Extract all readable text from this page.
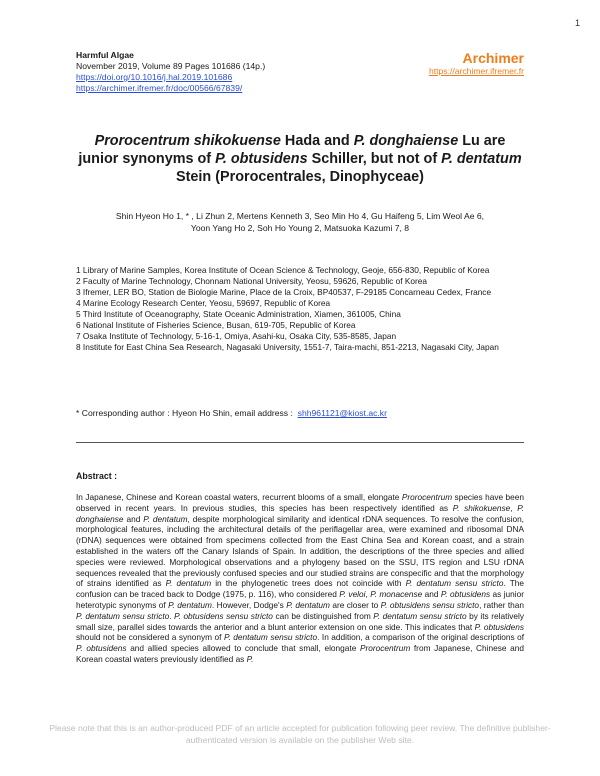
1
Harmful Algae
November 2019, Volume 89 Pages 101686 (14p.)
https://doi.org/10.1016/j.hal.2019.101686
https://archimer.ifremer.fr/doc/00566/67839/
Archimer
https://archimer.ifremer.fr
Prorocentrum shikokuense Hada and P. donghaiense Lu are junior synonyms of P. obtusidens Schiller, but not of P. dentatum Stein (Prorocentrales, Dinophyceae)
Shin Hyeon Ho 1, * , Li Zhun 2, Mertens Kenneth 3, Seo Min Ho 4, Gu Haifeng 5, Lim Weol Ae 6,
Yoon Yang Ho 2, Soh Ho Young 2, Matsuoka Kazumi 7, 8

1 Library of Marine Samples, Korea Institute of Ocean Science & Technology, Geoje, 656-830, Republic of Korea

2 Faculty of Marine Technology, Chonnam National University, Yeosu, 59626, Republic of Korea

3 Ifremer, LER BO, Station de Biologie Marine, Place de la Croix, BP40537, F-29185 Concarneau Cedex, France

4 Marine Ecology Research Center, Yeosu, 59697, Republic of Korea

5 Third Institute of Oceanography, State Oceanic Administration, Xiamen, 361005, China

6 National Institute of Fisheries Science, Busan, 619-705, Republic of Korea

7 Osaka Institute of Technology, 5-16-1, Omiya, Asahi-ku, Osaka City, 535-8585, Japan

8 Institute for East China Sea Research, Nagasaki University, 1551-7, Taira-machi, 851-2213, Nagasaki City, Japan

* Corresponding author : Hyeon Ho Shin, email address : shh961121@kiost.ac.kr
Abstract :

In Japanese, Chinese and Korean coastal waters, recurrent blooms of a small, elongate Prorocentrum species have been observed in recent years. In previous studies, this species has been respectively identified as P. shikokuense, P. donghaiense and P. dentatum, despite morphological similarity and identical rDNA sequences. To resolve the confusion, morphological features, including the architectural details of the periflagellar area, were examined and ribosomal DNA (rDNA) sequences were obtained from specimens collected from the East China Sea and Korean coast, and a strain established in the waters off the Canary Islands of Spain. In addition, the descriptions of the three species and allied species were reviewed. Morphological observations and a phylogeny based on the SSU, ITS region and LSU rDNA sequences revealed that the previously confused species and our studied strains are conspecific and that the morphology of strains identified as P. dentatum in the phylogenetic trees does not coincide with P. dentatum sensu stricto. The confusion can be traced back to Dodge (1975, p. 116), who considered P. veloi, P. monacense and P. obtusidens as junior heterotypic synonyms of P. dentatum. However, Dodge's P. dentatum are closer to P. obtusidens sensu stricto, rather than P. dentatum sensu stricto. P. obtusidens sensu stricto can be distinguished from P. dentatum sensu stricto by its relatively small size, parallel sides towards the anterior and a blunt anterior extension on one side. This indicates that P. obtusidens should not be considered a synonym of P. dentatum sensu stricto. In addition, a comparison of the original descriptions of P. obtusidens and allied species allowed to conclude that small, elongate Prorocentrum from Japanese, Chinese and Korean coastal waters previously identified as P.

Please note that this is an author-produced PDF of an article accepted for publication following peer review. The definitive publisher-authenticated version is available on the publisher Web site.
